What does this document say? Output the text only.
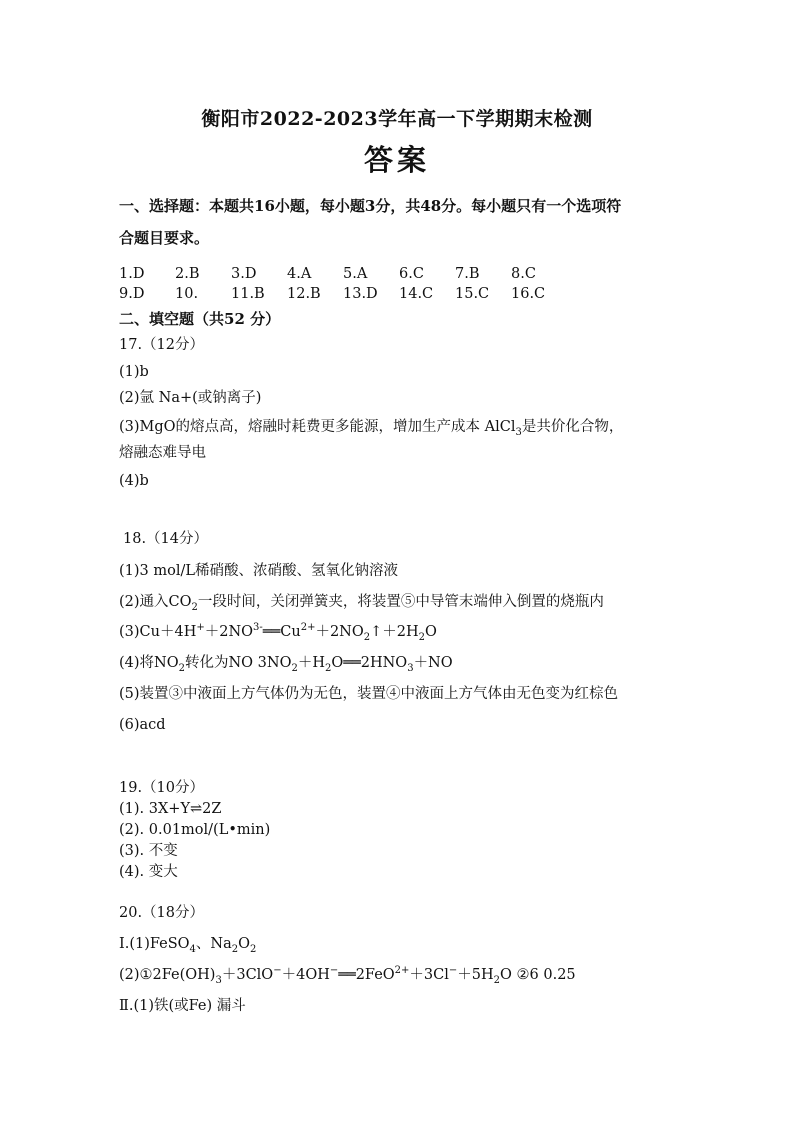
衡阳市2022-2023学年高一下学期期末检测
答案
一、选择题：本题共16小题，每小题3分，共48分。每小题只有一个选项符
合题目要求。
1.D	2.B	3.D	4.A	5.A	6.C	7.B	8.C
9.D	10.	11.B	12.B	13.D	14.C	15.C	16.C
二、填空题（共52 分）
17.（12分）
(1)b
(2)氩 Na+(或钠离子)
(3)MgO的熔点高，熔融时耗费更多能源，增加生产成本 AlCl$_3$是共价化合物，
熔融态难导电
(4)b
18.（14分）
(1)3 mol/L稀硝酸、浓硝酸、氢氧化钠溶液
(2)通入$CO_2$一段时间，关闭弹簧夹，将装置⑤中导管末端伸入倒置的烧瓶内
$(3)Cu+4H^++2NO^{3-}══Cu^{2+}+2NO_2↑+2H_2O$
(4)将$NO_2$转化为NO $3NO_2+H_2O══2HNO_3+NO$
(5)装置③中液面上方气体仍为无色，装置④中液面上方气体由无色变为红棕色
(6)acd
19.（10分）
(1). 3X+Y⇌2Z
(2). 0.01mol/(L•min)
(3). 不变
(4). 变大
20.（18分）
Ⅰ.(1)FeSO$_4$、$Na_2O_2$
$(2)①2Fe(OH)_3+3ClO^-+4OH^-══2FeO^{2+}+3Cl^-+5H_2O$ ②6 0.25
Ⅱ.(1)铁(或Fe) 漏斗
